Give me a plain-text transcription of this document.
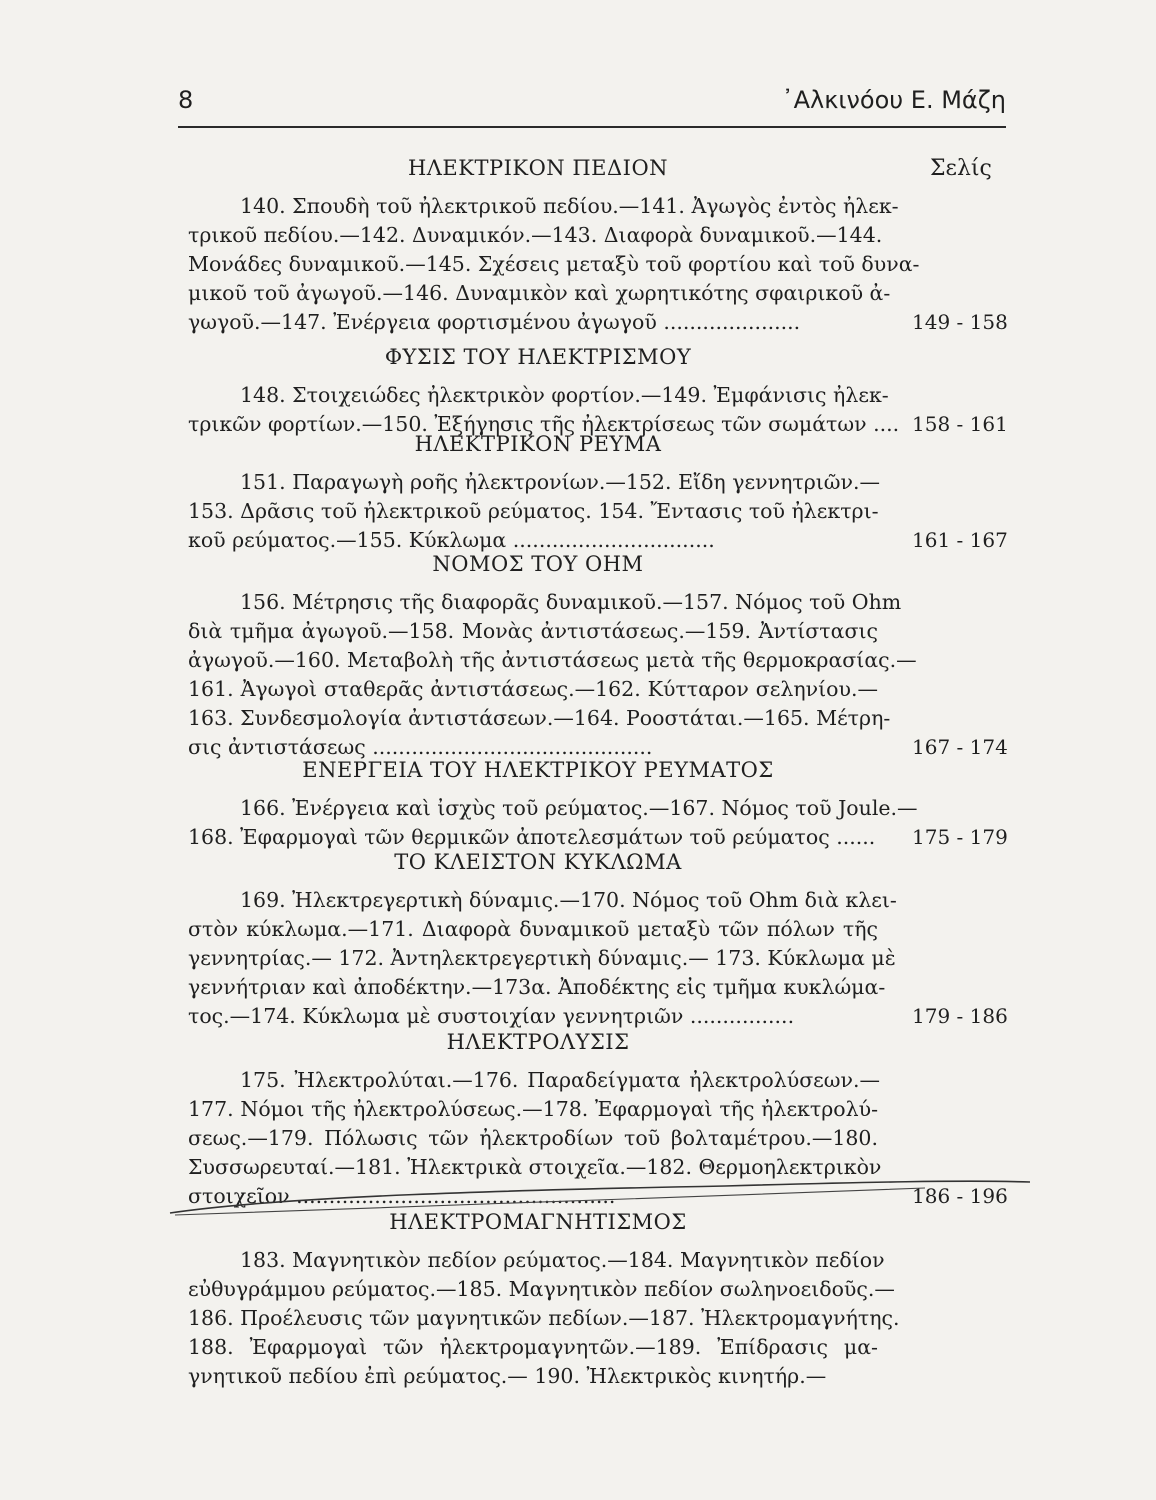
8	᾿Αλκινόου Ε. Μάζη
Σελίς
ΗΛΕΚΤΡΙΚΟΝ ΠΕΔΙΟΝ
140. Σπουδὴ τοῦ ἠλεκτρικοῦ πεδίου.—141. Ἀγωγὸς ἐντὸς ἠλεκ-
τρικοῦ πεδίου.—142. Δυναμικόν.—143. Διαφορὰ δυναμικοῦ.—144.
Μονάδες δυναμικοῦ.—145. Σχέσεις μεταξὺ τοῦ φορτίου καὶ τοῦ δυνα-
μικοῦ τοῦ ἀγωγοῦ.—146. Δυναμικὸν καὶ χωρητικότης σφαιρικοῦ ἀ-
γωγοῦ.—147. Ἐνέργεια φορτισμένου ἀγωγοῦ .....................	149 - 158
ΦΥΣΙΣ ΤΟΥ ΗΛΕΚΤΡΙΣΜΟΥ
148. Στοιχειώδες ἠλεκτρικὸν φορτίον.—149. Ἐμφάνισις ἠλεκ-
τρικῶν φορτίων.—150. Ἐξήγησις τῆς ἠλεκτρίσεως τῶν σωμάτων .... 158 - 161
ΗΛΕΚΤΡΙΚΟΝ ΡΕΥΜΑ
151. Παραγωγὴ ροῆς ἠλεκτρονίων.—152. Εἴδη γεννητριῶν.—
153. Δρᾶσις τοῦ ἠλεκτρικοῦ ρεύματος. 154. Ἔντασις τοῦ ἠλεκτρι-
κοῦ ρεύματος.—155. Κύκλωμα ...............................	161 - 167
ΝΟΜΟΣ ΤΟΥ ΟΗΜ
156. Μέτρησις τῆς διαφορᾶς δυναμικοῦ.—157. Νόμος τοῦ Ohm
διὰ τμῆμα ἀγωγοῦ.—158. Μονὰς ἀντιστάσεως.—159. Ἀντίστασις
ἀγωγοῦ.—160. Μεταβολὴ τῆς ἀντιστάσεως μετὰ τῆς θερμοκρασίας.—
161. Ἀγωγοὶ σταθερᾶς ἀντιστάσεως.—162. Κύτταρον σεληνίου.—
163. Συνδεσμολογία ἀντιστάσεων.—164. Ροοστάται.—165. Μέτρη-
σις ἀντιστάσεως ...........................................	167 - 174
ΕΝΕΡΓΕΙΑ ΤΟΥ ΗΛΕΚΤΡΙΚΟΥ ΡΕΥΜΑΤΟΣ
166. Ἐνέργεια καὶ ἰσχὺς τοῦ ρεύματος.—167. Νόμος τοῦ Joule.—
168. Ἐφαρμογαὶ τῶν θερμικῶν ἀποτελεσμάτων τοῦ ρεύματος ...... 175 - 179
ΤΟ ΚΛΕΙΣΤΟΝ ΚΥΚΛΩΜΑ
169. Ἠλεκτρεγερτικὴ δύναμις.—170. Νόμος τοῦ Ohm διὰ κλει-
στὸν κύκλωμα.—171. Διαφορὰ δυναμικοῦ μεταξὺ τῶν πόλων τῆς
γεννητρίας.— 172. Ἀντηλεκτρεγερτικὴ δύναμις.— 173. Κύκλωμα μὲ
γεννήτριαν καὶ ἀποδέκτην.—173α. Ἀποδέκτης εἰς τμῆμα κυκλώμα-
τος.—174. Κύκλωμα μὲ συστοιχίαν γεννητριῶν ................	179 - 186
ΗΛΕΚΤΡΟΛΥΣΙΣ
175. Ἠλεκτρολύται.—176. Παραδείγματα ἠλεκτρολύσεων.—
177. Νόμοι τῆς ἠλεκτρολύσεως.—178. Ἐφαρμογαὶ τῆς ἠλεκτρολύ-
σεως.—179. Πόλωσις τῶν ἠλεκτροδίων τοῦ βολταμέτρου.—180.
Συσσωρευταί.—181. Ἠλεκτρικὰ στοιχεῖα.—182. Θερμοηλεκτρικὸν
στοιχεῖον .................................................	186 - 196
ΗΛΕΚΤΡΟΜΑΓΝΗΤΙΣΜΟΣ
183. Μαγνητικὸν πεδίον ρεύματος.—184. Μαγνητικὸν πεδίον
εὐθυγράμμου ρεύματος.—185. Μαγνητικὸν πεδίον σωληνοειδοῦς.—
186. Προέλευσις τῶν μαγνητικῶν πεδίων.—187. Ἠλεκτρομαγνήτης.
188. Ἐφαρμογαὶ τῶν ἠλεκτρομαγνητῶν.—189. Ἐπίδρασις μα-
γνητικοῦ πεδίου ἐπὶ ρεύματος.— 190. Ἠλεκτρικὸς κινητήρ.—
